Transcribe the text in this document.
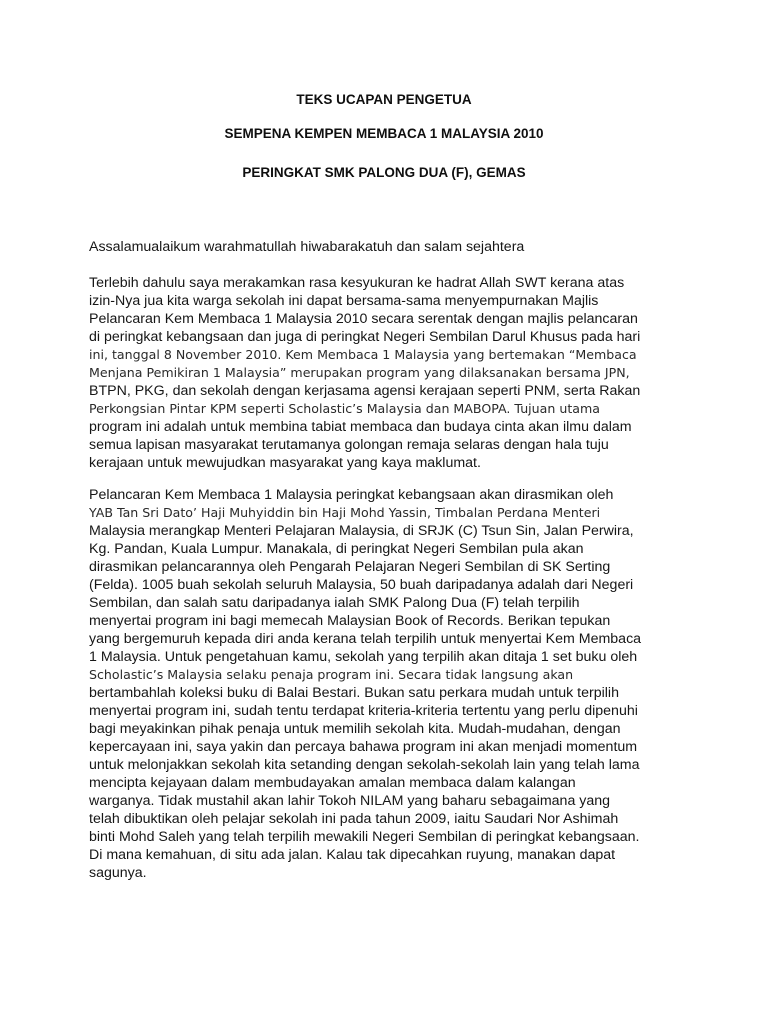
TEKS UCAPAN PENGETUA
SEMPENA KEMPEN MEMBACA 1 MALAYSIA 2010
PERINGKAT SMK PALONG DUA (F), GEMAS
Assalamualaikum warahmatullah hiwabarakatuh dan salam sejahtera
Terlebih dahulu saya merakamkan rasa kesyukuran ke hadrat Allah SWT kerana atas
izin-Nya jua kita warga sekolah ini dapat bersama-sama menyempurnakan Majlis
Pelancaran Kem Membaca 1 Malaysia 2010 secara serentak dengan majlis pelancaran
di peringkat kebangsaan dan juga di peringkat Negeri Sembilan Darul Khusus pada hari
ini, tanggal 8 November 2010. Kem Membaca 1 Malaysia yang bertemakan “Membaca
Menjana Pemikiran 1 Malaysia” merupakan program yang dilaksanakan bersama JPN,
BTPN, PKG, dan sekolah dengan kerjasama agensi kerajaan seperti PNM, serta Rakan
Perkongsian Pintar KPM seperti Scholastic’s Malaysia dan MABOPA. Tujuan utama
program ini adalah untuk membina tabiat membaca dan budaya cinta akan ilmu dalam
semua lapisan masyarakat terutamanya golongan remaja selaras dengan hala tuju
kerajaan untuk mewujudkan masyarakat yang kaya maklumat.
Pelancaran Kem Membaca 1 Malaysia peringkat kebangsaan akan dirasmikan oleh
YAB Tan Sri Dato’ Haji Muhyiddin bin Haji Mohd Yassin, Timbalan Perdana Menteri
Malaysia merangkap Menteri Pelajaran Malaysia, di SRJK (C) Tsun Sin, Jalan Perwira,
Kg. Pandan, Kuala Lumpur. Manakala, di peringkat Negeri Sembilan pula akan
dirasmikan pelancarannya oleh Pengarah Pelajaran Negeri Sembilan di SK Serting
(Felda). 1005 buah sekolah seluruh Malaysia, 50 buah daripadanya adalah dari Negeri
Sembilan, dan salah satu daripadanya ialah SMK Palong Dua (F) telah terpilih
menyertai program ini bagi memecah Malaysian Book of Records. Berikan tepukan
yang bergemuruh kepada diri anda kerana telah terpilih untuk menyertai Kem Membaca
1 Malaysia. Untuk pengetahuan kamu, sekolah yang terpilih akan ditaja 1 set buku oleh
Scholastic’s Malaysia selaku penaja program ini. Secara tidak langsung akan
bertambahlah koleksi buku di Balai Bestari. Bukan satu perkara mudah untuk terpilih
menyertai program ini, sudah tentu terdapat kriteria-kriteria tertentu yang perlu dipenuhi
bagi meyakinkan pihak penaja untuk memilih sekolah kita. Mudah-mudahan, dengan
kepercayaan ini, saya yakin dan percaya bahawa program ini akan menjadi momentum
untuk melonjakkan sekolah kita setanding dengan sekolah-sekolah lain yang telah lama
mencipta kejayaan dalam membudayakan amalan membaca dalam kalangan
warganya. Tidak mustahil akan lahir Tokoh NILAM yang baharu sebagaimana yang
telah dibuktikan oleh pelajar sekolah ini pada tahun 2009, iaitu Saudari Nor Ashimah
binti Mohd Saleh yang telah terpilih mewakili Negeri Sembilan di peringkat kebangsaan.
Di mana kemahuan, di situ ada jalan. Kalau tak dipecahkan ruyung, manakan dapat
sagunya.
